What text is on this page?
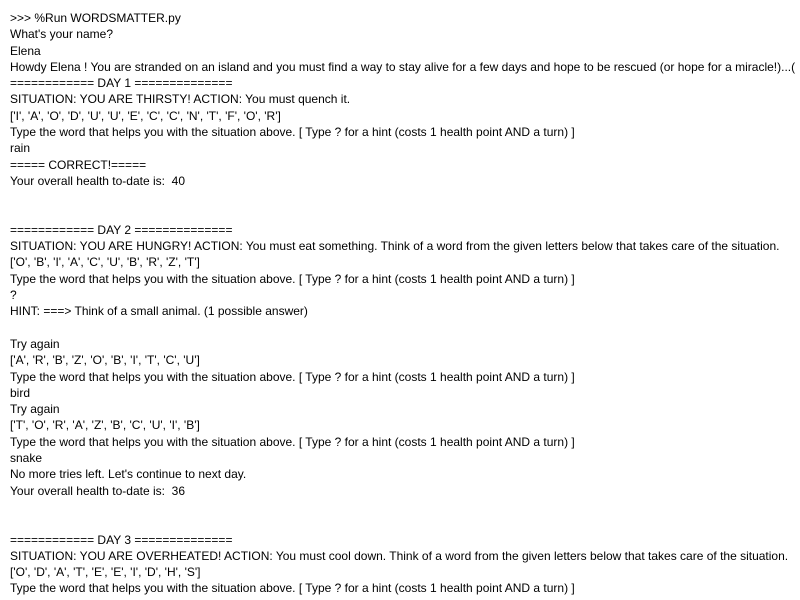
>>> %Run WORDSMATTER.py
What's your name?
Elena
Howdy Elena ! You are stranded on an island and you must find a way to stay alive for a few days and hope to be rescued (or hope for a miracle!)...(
============ DAY 1 ==============
SITUATION: YOU ARE THIRSTY! ACTION: You must quench it.
['I', 'A', 'O', 'D', 'U', 'U', 'E', 'C', 'C', 'N', 'T', 'F', 'O', 'R']
Type the word that helps you with the situation above. [ Type ? for a hint (costs 1 health point AND a turn) ]
rain
===== CORRECT!=====
Your overall health to-date is:  40
============ DAY 2 ==============
SITUATION: YOU ARE HUNGRY! ACTION: You must eat something. Think of a word from the given letters below that takes care of the situation.
['O', 'B', 'I', 'A', 'C', 'U', 'B', 'R', 'Z', 'T']
Type the word that helps you with the situation above. [ Type ? for a hint (costs 1 health point AND a turn) ]
?
HINT: ===> Think of a small animal. (1 possible answer)
Try again
['A', 'R', 'B', 'Z', 'O', 'B', 'I', 'T', 'C', 'U']
Type the word that helps you with the situation above. [ Type ? for a hint (costs 1 health point AND a turn) ]
bird
Try again
['T', 'O', 'R', 'A', 'Z', 'B', 'C', 'U', 'I', 'B']
Type the word that helps you with the situation above. [ Type ? for a hint (costs 1 health point AND a turn) ]
snake
No more tries left. Let's continue to next day.
Your overall health to-date is:  36
============ DAY 3 ==============
SITUATION: YOU ARE OVERHEATED! ACTION: You must cool down. Think of a word from the given letters below that takes care of the situation.
['O', 'D', 'A', 'T', 'E', 'E', 'I', 'D', 'H', 'S']
Type the word that helps you with the situation above. [ Type ? for a hint (costs 1 health point AND a turn) ]
